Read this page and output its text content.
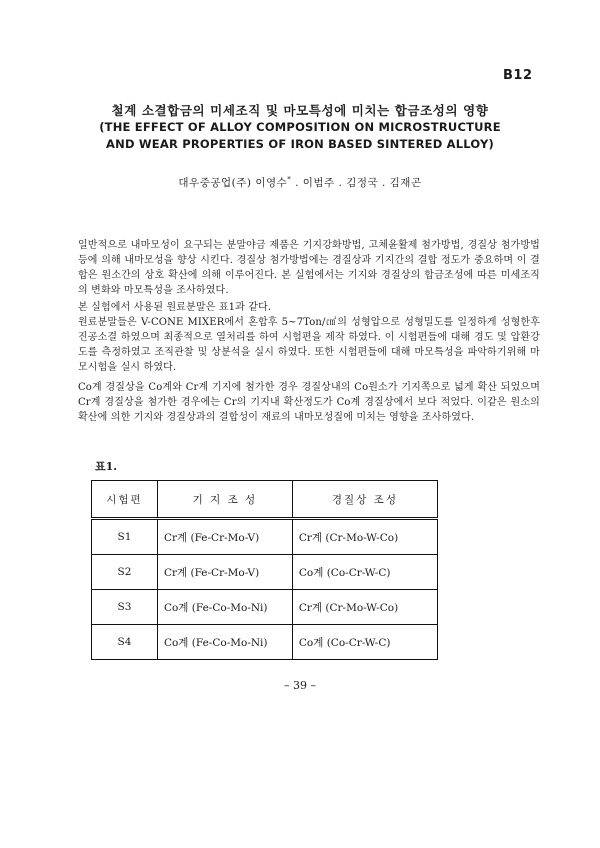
B12
철계 소결합금의 미세조직 및 마모특성에 미치는 합금조성의 영향
(THE EFFECT OF ALLOY COMPOSITION ON MICROSTRUCTURE
AND WEAR PROPERTIES OF IRON BASED SINTERED ALLOY)
대우중공업(주) 이영수* . 이범주 . 김정국 . 김재곤

일반적으로 내마모성이 요구되는 분말야금 제품은 기지강화방법, 고체윤활제 첨가방법, 경질상 첨가방법등에 의해 내마모성을 향상 시킨다. 경질상 첨가방법에는 경질상과 기지간의 결합 정도가 중요하며 이 결합은 원소간의 상호 확산에 의해 이루어진다. 본 실험에서는 기지와 경질상의 합금조성에 따른 미세조직의 변화와 마모특성을 조사하였다.

본 실험에서 사용된 원료분말은 표1과 같다.

원료분말들은 V-CONE MIXER에서 혼합후 5~7Ton/㎠의 성형압으로 성형밀도를 일정하게 성형한후 진공소결 하였으며 최종적으로 열처리를 하여 시험편을 제작 하였다. 이 시험편들에 대해 경도 및 압환강도를 측정하였고 조직관찰 및 상분석을 실시 하였다. 또한 시험편들에 대해 마모특성을 파악하기위해 마모시험을 실시 하였다.

Co계 경질상을 Co계와 Cr계 기지에 첨가한 경우 경질상내의 Co원소가 기지쪽으로 넓게 확산 되었으며 Cr계 경질상을 첨가한 경우에는 Cr의 기지내 확산정도가 Co계 경질상에서 보다 적었다. 이같은 원소의 확산에 의한 기지와 경질상과의 결합성이 재료의 내마모성질에 미치는 영향을 조사하였다.

표1.
시험편	기 지 조 성	경질상 조성
S1	Cr계 (Fe-Cr-Mo-V)	Cr계 (Cr-Mo-W-Co)
S2	Cr계 (Fe-Cr-Mo-V)	Co계 (Co-Cr-W-C)
S3	Co계 (Fe-Co-Mo-Ni)	Cr계 (Cr-Mo-W-Co)
S4	Co계 (Fe-Co-Mo-Ni)	Co계 (Co-Cr-W-C)
– 39 –
